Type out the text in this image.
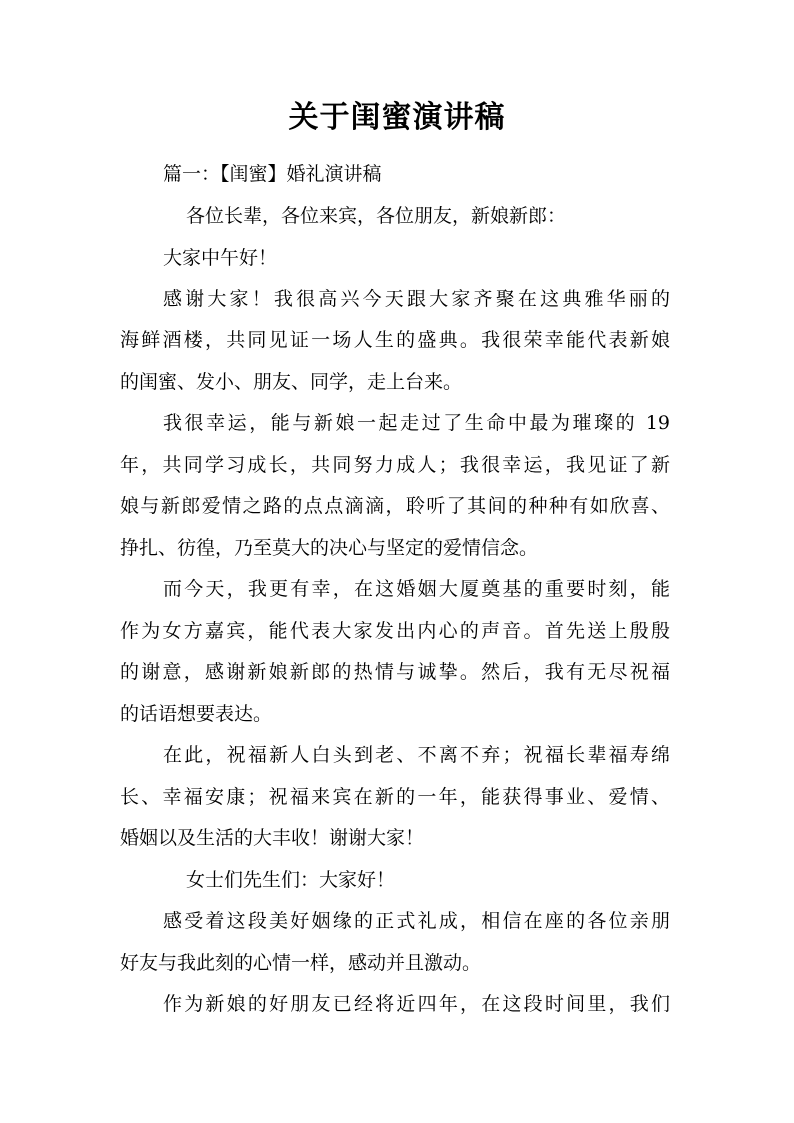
关于闺蜜演讲稿
篇一：【闺蜜】婚礼演讲稿
各位长辈，各位来宾，各位朋友，新娘新郎：
大家中午好！
感谢大家！我很高兴今天跟大家齐聚在这典雅华丽的
海鲜酒楼，共同见证一场人生的盛典。我很荣幸能代表新娘
的闺蜜、发小、朋友、同学，走上台来。
我很幸运，能与新娘一起走过了生命中最为璀璨的 19
年，共同学习成长，共同努力成人；我很幸运，我见证了新
娘与新郎爱情之路的点点滴滴，聆听了其间的种种有如欣喜、
挣扎、彷徨，乃至莫大的决心与坚定的爱情信念。
而今天，我更有幸，在这婚姻大厦奠基的重要时刻，能
作为女方嘉宾，能代表大家发出内心的声音。首先送上殷殷
的谢意，感谢新娘新郎的热情与诚挚。然后，我有无尽祝福
的话语想要表达。
在此，祝福新人白头到老、不离不弃；祝福长辈福寿绵
长、幸福安康；祝福来宾在新的一年，能获得事业、爱情、
婚姻以及生活的大丰收！谢谢大家！
女士们先生们：大家好！
感受着这段美好姻缘的正式礼成，相信在座的各位亲朋
好友与我此刻的心情一样，感动并且激动。
作为新娘的好朋友已经将近四年，在这段时间里，我们
